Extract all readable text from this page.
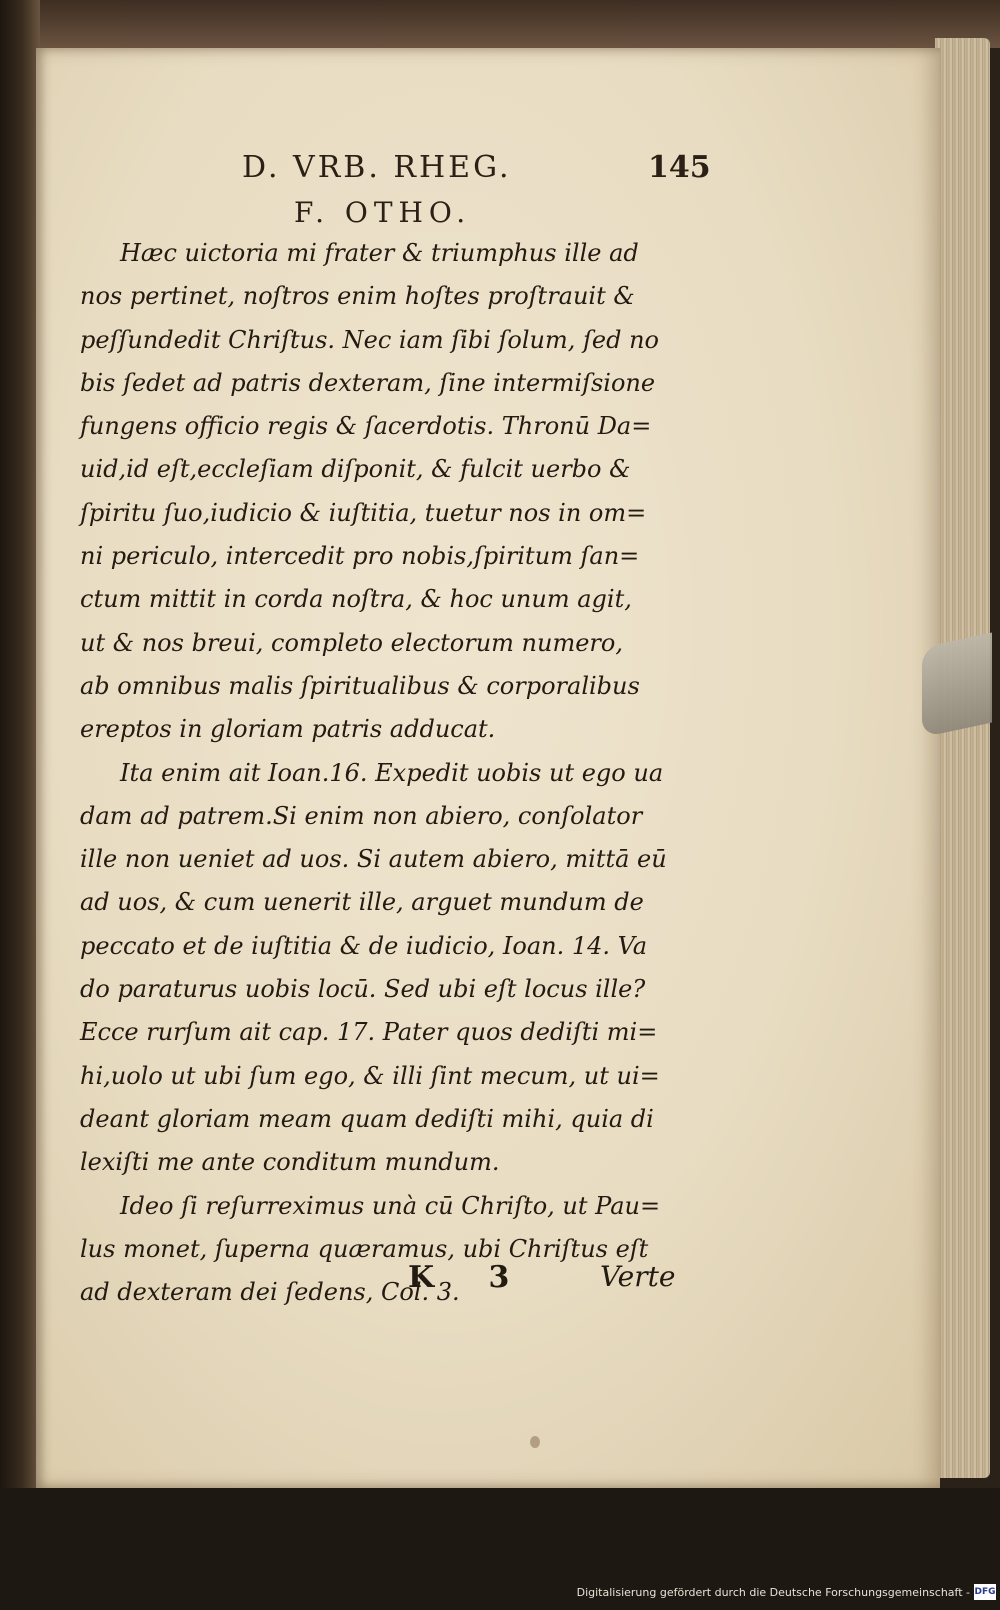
D. VRB. RHEG.	145
F. OTHO.
Hæc uictoria mi frater & triumphus ille ad
nos pertinet, noſtros enim hoſtes proſtrauit &
peſſundedit Chriſtus. Nec iam ſibi ſolum, ſed no
bis ſedet ad patris dexteram, ſine intermiſsione
fungens officio regis & ſacerdotis. Thronū Da=
uid,id eſt,eccleſiam diſponit, & fulcit uerbo &
ſpiritu ſuo,iudicio & iuſtitia, tuetur nos in om=
ni periculo, intercedit pro nobis,ſpiritum ſan=
ctum mittit in corda noſtra, & hoc unum agit,
ut & nos breui, completo electorum numero,
ab omnibus malis ſpiritualibus & corporalibus
ereptos in gloriam patris adducat.
Ita enim ait Ioan.16. Expedit uobis ut ego ua
dam ad patrem.Si enim non abiero, conſolator
ille non ueniet ad uos. Si autem abiero, mittā eū
ad uos, & cum uenerit ille, arguet mundum de
peccato et de iuſtitia & de iudicio, Ioan. 14. Va
do paraturus uobis locū. Sed ubi eſt locus ille?
Ecce rurſum ait cap. 17. Pater quos dediſti mi=
hi,uolo ut ubi ſum ego, & illi ſint mecum, ut ui=
deant gloriam meam quam dediſti mihi, quia di
lexiſti me ante conditum mundum.
Ideo ſi reſurreximus unà cū Chriſto, ut Pau=
lus monet, ſuperna quæramus, ubi Chriſtus eſt
ad dexteram dei ſedens, Col. 3.
K 3 Verte
Digitalisierung gefördert durch die Deutsche Forschungsgemeinschaft - DFG
